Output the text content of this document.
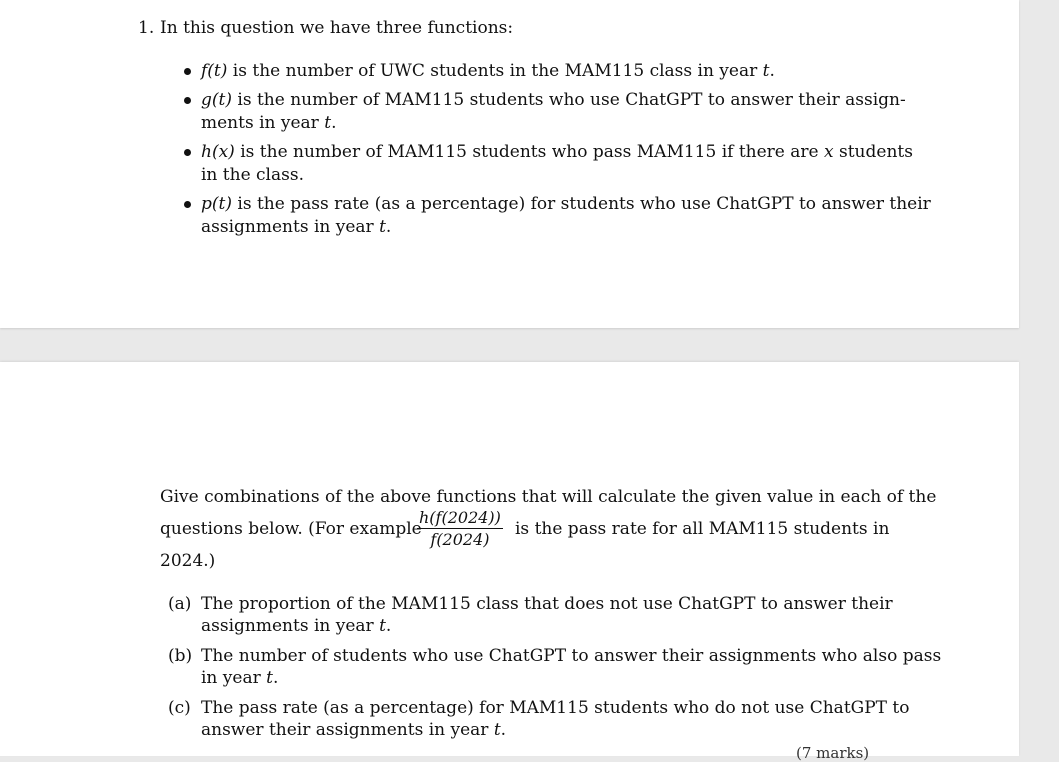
1. In this question we have three functions:
f(t) is the number of UWC students in the MAM115 class in year t.
g(t) is the number of MAM115 students who use ChatGPT to answer their assign-
ments in year t.
h(x) is the number of MAM115 students who pass MAM115 if there are x students
in the class.
p(t) is the pass rate (as a percentage) for students who use ChatGPT to answer their
assignments in year t.
Give combinations of the above functions that will calculate the given value in each of the
questions below. (For example
$\frac{h(f(2024))}{f(2024)}$ is the pass rate for all MAM115 students in
2024.)
(a) The proportion of the MAM115 class that does not use ChatGPT to answer their
assignments in year t.
(b) The number of students who use ChatGPT to answer their assignments who also pass
in year t.
(c) The pass rate (as a percentage) for MAM115 students who do not use ChatGPT to
answer their assignments in year t.
(7 marks)
